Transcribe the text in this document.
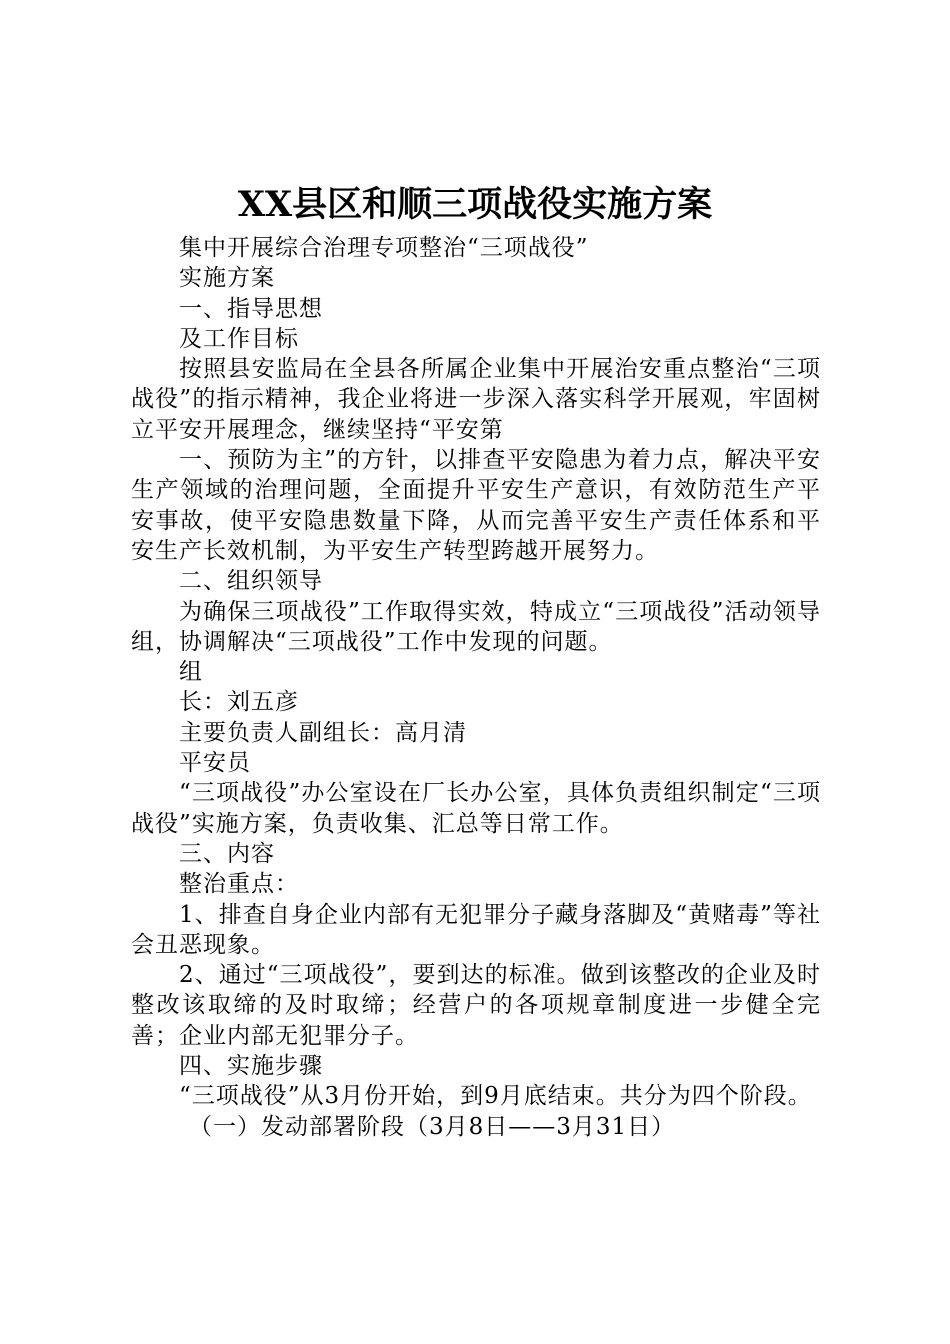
XX县区和顺三项战役实施方案

集中开展综合治理专项整治“三项战役”

实施方案

一、指导思想

及工作目标

按照县安监局在全县各所属企业集中开展治安重点整治“三项战役”的指示精神，我企业将进一步深入落实科学开展观，牢固树立平安开展理念，继续坚持“平安第

一、预防为主”的方针，以排查平安隐患为着力点，解决平安生产领域的治理问题，全面提升平安生产意识，有效防范生产平安事故，使平安隐患数量下降，从而完善平安生产责任体系和平安生产长效机制，为平安生产转型跨越开展努力。

二、组织领导

为确保三项战役”工作取得实效，特成立“三项战役”活动领导组，协调解决“三项战役”工作中发现的问题。

组

长：刘五彦

主要负责人副组长：高月清

平安员

“三项战役”办公室设在厂长办公室，具体负责组织制定“三项战役”实施方案，负责收集、汇总等日常工作。

三、内容

整治重点：

1、排查自身企业内部有无犯罪分子藏身落脚及“黄赌毒”等社会丑恶现象。

2、通过“三项战役”，要到达的标准。做到该整改的企业及时整改该取缔的及时取缔；经营户的各项规章制度进一步健全完善；企业内部无犯罪分子。

四、实施步骤

“三项战役”从3月份开始，到9月底结束。共分为四个阶段。

（一）发动部署阶段（3月8日——3月31日）
